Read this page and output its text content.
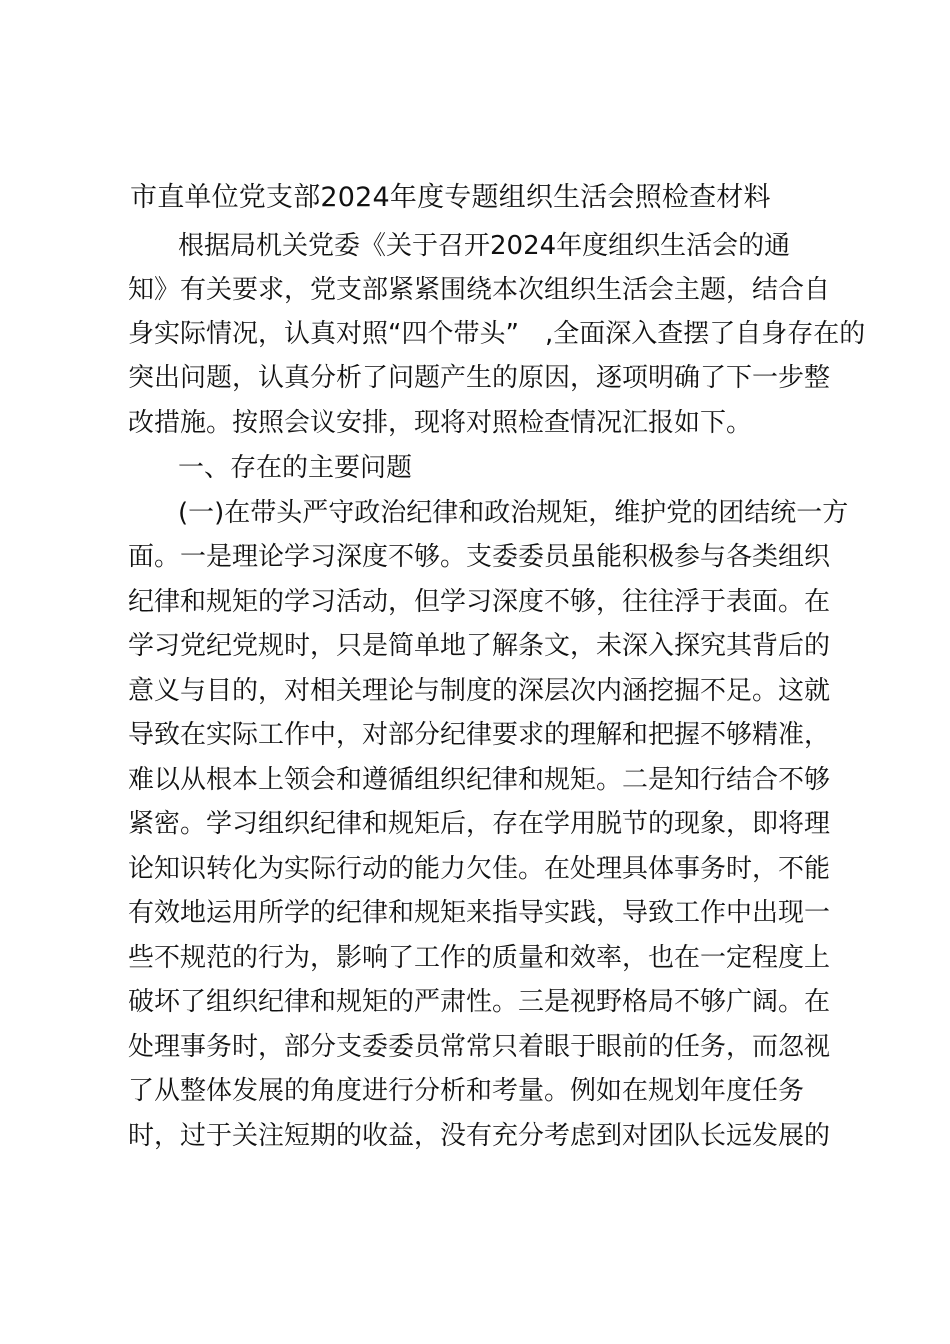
市直单位党支部2024年度专题组织生活会照检查材料

根据局机关党委《关于召开2024年度组织生活会的通

知》有关要求，党支部紧紧围绕本次组织生活会主题，结合自

身实际情况，认真对照“四个带头”　,全面深入查摆了自身存在的

突出问题，认真分析了问题产生的原因，逐项明确了下一步整

改措施。按照会议安排，现将对照检查情况汇报如下。

一、存在的主要问题

(一)在带头严守政治纪律和政治规矩，维护党的团结统一方

面。一是理论学习深度不够。支委委员虽能积极参与各类组织

纪律和规矩的学习活动，但学习深度不够，往往浮于表面。在

学习党纪党规时，只是简单地了解条文，未深入探究其背后的

意义与目的，对相关理论与制度的深层次内涵挖掘不足。这就

导致在实际工作中，对部分纪律要求的理解和把握不够精准，

难以从根本上领会和遵循组织纪律和规矩。二是知行结合不够

紧密。学习组织纪律和规矩后，存在学用脱节的现象，即将理

论知识转化为实际行动的能力欠佳。在处理具体事务时，不能

有效地运用所学的纪律和规矩来指导实践，导致工作中出现一

些不规范的行为，影响了工作的质量和效率，也在一定程度上

破坏了组织纪律和规矩的严肃性。三是视野格局不够广阔。在

处理事务时，部分支委委员常常只着眼于眼前的任务，而忽视

了从整体发展的角度进行分析和考量。例如在规划年度任务

时，过于关注短期的收益，没有充分考虑到对团队长远发展的
